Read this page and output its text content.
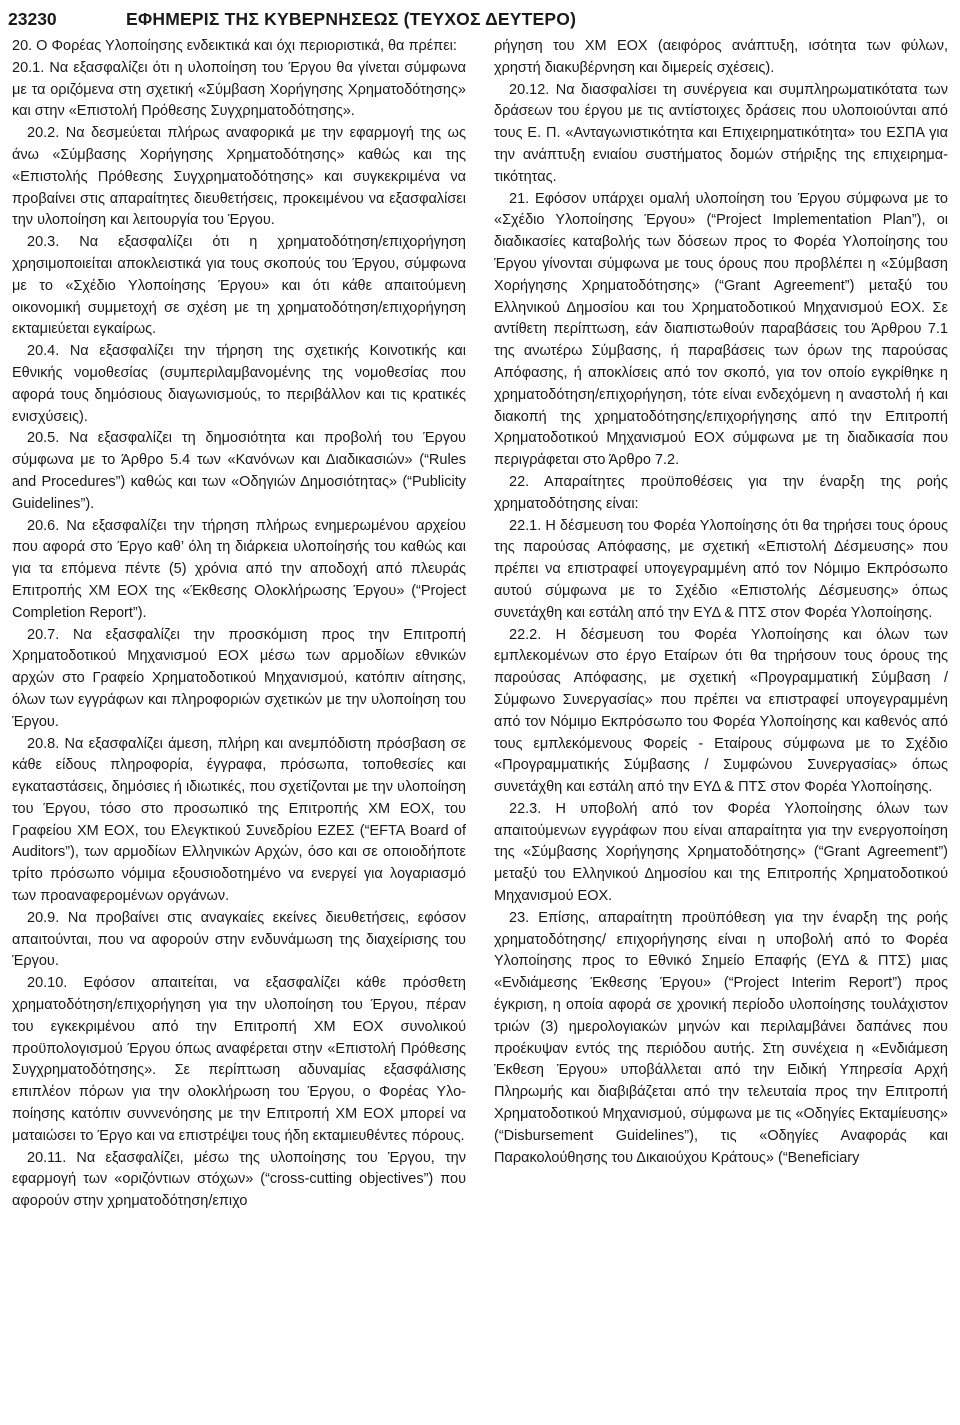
23230	ΕΦΗΜΕΡΙΣ ΤΗΣ ΚΥΒΕΡΝΗΣΕΩΣ (ΤΕΥΧΟΣ ΔΕΥΤΕΡΟ)

20. Ο Φορέας Υλοποίησης ενδεικτικά και όχι περιοριστικά, θα πρέπει:

20.1. Να εξασφαλίζει ότι η υλοποίηση του Έργου θα γίνεται σύμφωνα με τα οριζόμενα στη σχετική «Σύμβαση Χορήγησης Χρηματοδότησης» και στην «Επιστολή Πρόθεσης Συγχρηματοδότησης».

20.2. Να δεσμεύεται πλήρως αναφορικά με την εφαρμογή της ως άνω «Σύμβασης Χορήγησης Χρηματοδότησης» καθώς και της «Επιστολής Πρόθεσης Συγχρηματοδότησης» και συγκεκριμένα να προβαίνει στις απαραίτητες διευθετήσεις, προκειμένου να εξασφαλίσει την υλοποίηση και λειτουργία του Έργου.

20.3. Να εξασφαλίζει ότι η χρηματοδότηση/επιχορήγηση χρησιμοποιείται αποκλειστικά για τους σκοπούς του Έργου, σύμφωνα με το «Σχέδιο Υλοποίησης Έργου» και ότι κάθε απαιτούμενη οικονομική συμμετοχή σε σχέση με τη χρηματοδότηση/επιχορήγηση εκταμιεύεται εγκαίρως.

20.4. Να εξασφαλίζει την τήρηση της σχετικής Κοινοτικής και Εθνικής νομοθεσίας (συμπεριλαμβανομένης της νομοθεσίας που αφορά τους δημόσιους διαγωνισμούς, το περιβάλλον και τις κρατικές ενισχύσεις).

20.5. Να εξασφαλίζει τη δημοσιότητα και προβολή του Έργου σύμφωνα με το Άρθρο 5.4 των «Κανόνων και Διαδικασιών» (“Rules and Procedures”) καθώς και των «Οδηγιών Δημοσιότητας» (“Publicity Guidelines”).

20.6. Να εξασφαλίζει την τήρηση πλήρως ενημερωμένου αρχείου που αφορά στο Έργο καθ’ όλη τη διάρκεια υλοποίησής του καθώς και για τα επόμενα πέντε (5) χρόνια από την αποδοχή από πλευράς Επιτροπής ΧΜ ΕΟΧ της «Έκθεσης Ολοκλήρωσης Έργου» (“Project Completion Report”).

20.7. Να εξασφαλίζει την προσκόμιση προς την Επιτροπή Χρηματοδοτικού Μηχανισμού ΕΟΧ μέσω των αρμοδίων εθνικών αρχών στο Γραφείο Χρηματοδοτικού Μηχανισμού, κατόπιν αίτησης, όλων των εγγράφων και πληροφοριών σχετικών με την υλοποίηση του Έργου.

20.8. Να εξασφαλίζει άμεση, πλήρη και ανεμπόδιστη πρόσβαση σε κάθε είδους πληροφορία, έγγραφα, πρόσωπα, τοποθεσίες και εγκαταστάσεις, δημόσιες ή ιδιωτικές, που σχετίζονται με την υλοποίηση του Έργου, τόσο στο προσωπικό της Επιτροπής ΧΜ ΕΟΧ, του Γραφείου ΧΜ ΕΟΧ, του Ελεγκτικού Συνεδρίου ΕΖΕΣ (“EFTA Board of Auditors”), των αρμοδίων Ελληνικών Αρχών, όσο και σε οποιοδήποτε τρίτο πρόσωπο νόμιμα εξουσιοδοτημένο να ενεργεί για λογαριασμό των προαναφερομένων οργάνων.

20.9. Να προβαίνει στις αναγκαίες εκείνες διευθετήσεις, εφόσον απαιτούνται, που να αφορούν στην ενδυνάμωση της διαχείρισης του Έργου.

20.10. Εφόσον απαιτείται, να εξασφαλίζει κάθε πρόσθετη χρηματοδότηση/επιχορήγηση για την υλοποίηση του Έργου, πέραν του εγκεκριμένου από την Επιτροπή ΧΜ ΕΟΧ συνολικού προϋπολογισμού Έργου όπως αναφέρεται στην «Επιστολή Πρόθεσης Συγχρηματοδότησης». Σε περίπτωση αδυναμίας εξασφάλισης επιπλέον πόρων για την ολοκλήρωση του Έργου, ο Φορέας Υλοποίησης κατόπιν συννενόησης με την Επιτροπή ΧΜ ΕΟΧ μπορεί να ματαιώσει το Έργο και να επιστρέψει τους ήδη εκταμιευθέντες πόρους.

20.11. Να εξασφαλίζει, μέσω της υλοποίησης του Έργου, την εφαρμογή των «οριζόντιων στόχων» (“cross-cutting objectives”) που αφορούν στην χρηματοδότηση/επιχο

ρήγηση του ΧΜ ΕΟΧ (αειφόρος ανάπτυξη, ισότητα των φύλων, χρηστή διακυβέρνηση και διμερείς σχέσεις).

20.12. Να διασφαλίσει τη συνέργεια και συμπληρωματικότατα των δράσεων του έργου με τις αντίστοιχες δράσεις που υλοποιούνται από τους Ε. Π. «Ανταγωνιστικότητα και Επιχειρηματικότητα» του ΕΣΠΑ για την ανάπτυξη ενιαίου συστήματος δομών στήριξης της επιχειρηματικότητας.

21. Εφόσον υπάρχει ομαλή υλοποίηση του Έργου σύμφωνα με το «Σχέδιο Υλοποίησης Έργου» (“Project Implementation Plan”), οι διαδικασίες καταβολής των δόσεων προς το Φορέα Υλοποίησης του Έργου γίνονται σύμφωνα με τους όρους που προβλέπει η «Σύμβαση Χορήγησης Χρηματοδότησης» (“Grant Agreement”) μεταξύ του Ελληνικού Δημοσίου και του Χρηματοδοτικού Μηχανισμού ΕΟΧ. Σε αντίθετη περίπτωση, εάν διαπιστωθούν παραβάσεις του Άρθρου 7.1 της ανωτέρω Σύμβασης, ή παραβάσεις των όρων της παρούσας Απόφασης, ή αποκλίσεις από τον σκοπό, για τον οποίο εγκρίθηκε η χρηματοδότηση/επιχορήγηση, τότε είναι ενδεχόμενη η αναστολή ή και διακοπή της χρηματοδότησης/επιχορήγησης από την Επιτροπή Χρηματοδοτικού Μηχανισμού ΕΟΧ σύμφωνα με τη διαδικασία που περιγράφεται στο Άρθρο 7.2.

22. Απαραίτητες προϋποθέσεις για την έναρξη της ροής χρηματοδότησης είναι:

22.1. Η δέσμευση του Φορέα Υλοποίησης ότι θα τηρήσει τους όρους της παρούσας Απόφασης, με σχετική «Επιστολή Δέσμευσης» που πρέπει να επιστραφεί υπογεγραμμένη από τον Νόμιμο Εκπρόσωπο αυτού σύμφωνα με το Σχέδιο «Επιστολής Δέσμευσης» όπως συνετάχθη και εστάλη από την ΕΥΔ & ΠΤΣ στον Φορέα Υλοποίησης.

22.2. Η δέσμευση του Φορέα Υλοποίησης και όλων των εμπλεκομένων στο έργο Εταίρων ότι θα τηρήσουν τους όρους της παρούσας Απόφασης, με σχετική «Προγραμματική Σύμβαση / Σύμφωνο Συνεργασίας» που πρέπει να επιστραφεί υπογεγραμμένη από τον Νόμιμο Εκπρόσωπο του Φορέα Υλοποίησης και καθενός από τους εμπλεκόμενους Φορείς - Εταίρους σύμφωνα με το Σχέδιο «Προγραμματικής Σύμβασης / Συμφώνου Συνεργασίας» όπως συνετάχθη και εστάλη από την ΕΥΔ & ΠΤΣ στον Φορέα Υλοποίησης.

22.3. Η υποβολή από τον Φορέα Υλοποίησης όλων των απαιτούμενων εγγράφων που είναι απαραίτητα για την ενεργοποίηση της «Σύμβασης Χορήγησης Χρηματοδότησης» (“Grant Agreement”) μεταξύ του Ελληνικού Δημοσίου και της Επιτροπής Χρηματοδοτικού Μηχανισμού ΕΟΧ.

23. Επίσης, απαραίτητη προϋπόθεση για την έναρξη της ροής χρηματοδότησης/ επιχορήγησης είναι η υποβολή από το Φορέα Υλοποίησης προς το Εθνικό Σημείο Επαφής (ΕΥΔ & ΠΤΣ) μιας «Ενδιάμεσης Έκθεσης Έργου» (“Project Interim Report”) προς έγκριση, η οποία αφορά σε χρονική περίοδο υλοποίησης τουλάχιστον τριών (3) ημερολογιακών μηνών και περιλαμβάνει δαπάνες που προέκυψαν εντός της περιόδου αυτής. Στη συνέχεια η «Ενδιάμεση Έκθεση Έργου» υποβάλλεται από την Ειδική Υπηρεσία Αρχή Πληρωμής και διαβιβάζεται από την τελευταία προς την Επιτροπή Χρηματοδοτικού Μηχανισμού, σύμφωνα με τις «Οδηγίες Εκταμίευσης» (“Disbursement Guidelines”), τις «Οδηγίες Αναφοράς και Παρακολούθησης του Δικαιούχου Κράτους» (“Beneficiary
